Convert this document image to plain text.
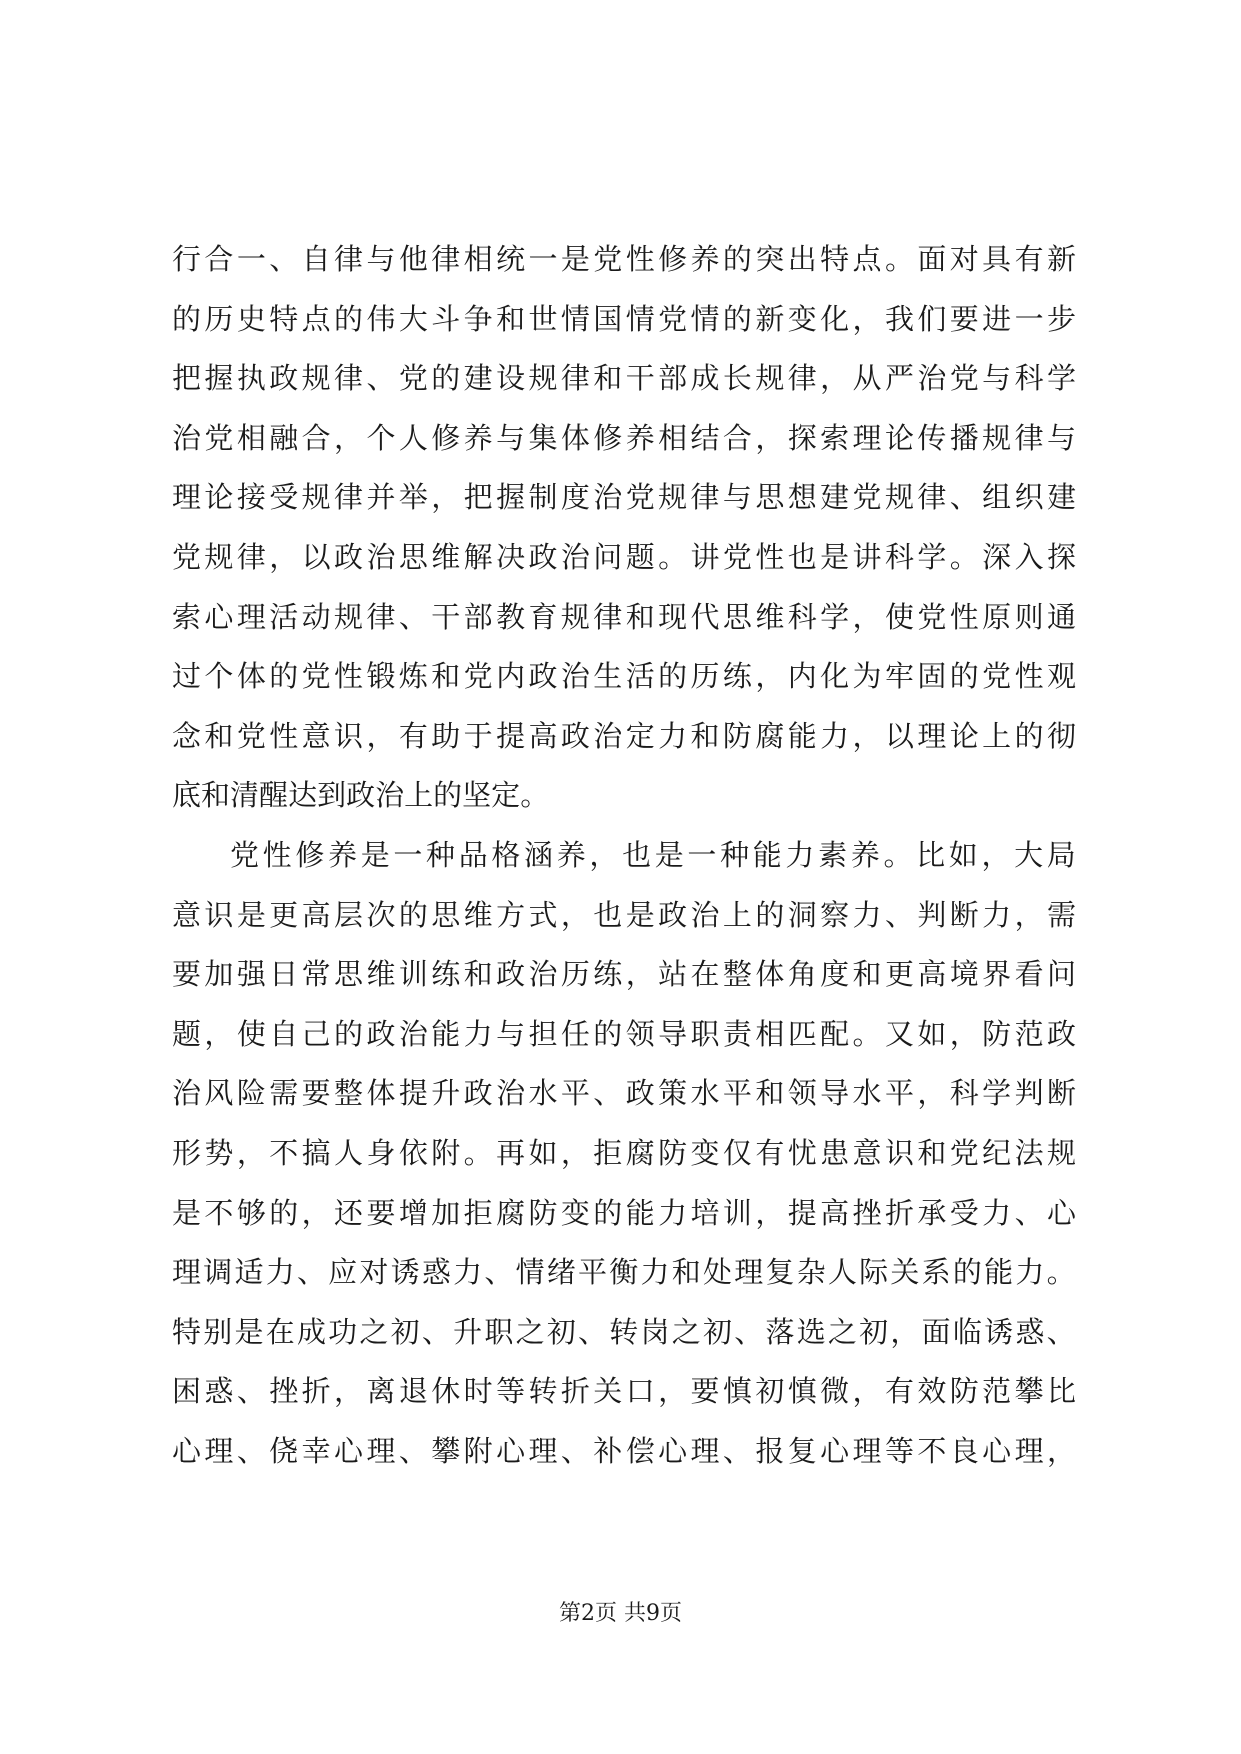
行 合 一 、 自 律 与 他 律 相 统 一 是 党 性 修 养 的 突 出 特 点 。 面 对 具 有 新
的 历 史 特 点 的 伟 大 斗 争 和 世 情 国 情 党 情 的 新 变 化 ， 我 们 要 进 一 步
把 握 执 政 规 律 、 党 的 建 设 规 律 和 干 部 成 长 规 律 ， 从 严 治 党 与 科 学
治 党 相 融 合 ， 个 人 修 养 与 集 体 修 养 相 结 合 ， 探 索 理 论 传 播 规 律 与
理 论 接 受 规 律 并 举 ， 把 握 制 度 治 党 规 律 与 思 想 建 党 规 律 、 组 织 建
党 规 律 ， 以 政 治 思 维 解 决 政 治 问 题 。 讲 党 性 也 是 讲 科 学 。 深 入 探
索 心 理 活 动 规 律 、 干 部 教 育 规 律 和 现 代 思 维 科 学 ， 使 党 性 原 则 通
过 个 体 的 党 性 锻 炼 和 党 内 政 治 生 活 的 历 练 ， 内 化 为 牢 固 的 党 性 观
念 和 党 性 意 识 ， 有 助 于 提 高 政 治 定 力 和 防 腐 能 力 ， 以 理 论 上 的 彻
底 和 清 醒 达 到 政 治 上 的 坚 定 。
党 性 修 养 是 一 种 品 格 涵 养 ， 也 是 一 种 能 力 素 养 。 比 如 ， 大 局
意 识 是 更 高 层 次 的 思 维 方 式 ， 也 是 政 治 上 的 洞 察 力 、 判 断 力 ， 需
要 加 强 日 常 思 维 训 练 和 政 治 历 练 ， 站 在 整 体 角 度 和 更 高 境 界 看 问
题 ， 使 自 己 的 政 治 能 力 与 担 任 的 领 导 职 责 相 匹 配 。 又 如 ， 防 范 政
治 风 险 需 要 整 体 提 升 政 治 水 平 、 政 策 水 平 和 领 导 水 平 ， 科 学 判 断
形 势 ， 不 搞 人 身 依 附 。 再 如 ， 拒 腐 防 变 仅 有 忧 患 意 识 和 党 纪 法 规
是 不 够 的 ， 还 要 增 加 拒 腐 防 变 的 能 力 培 训 ， 提 高 挫 折 承 受 力 、 心
理 调 适 力 、 应 对 诱 惑 力 、 情 绪 平 衡 力 和 处 理 复 杂 人 际 关 系 的 能 力 。
特 别 是 在 成 功 之 初 、 升 职 之 初 、 转 岗 之 初 、 落 选 之 初 ， 面 临 诱 惑 、
困 惑 、 挫 折 ， 离 退 休 时 等 转 折 关 口 ， 要 慎 初 慎 微 ， 有 效 防 范 攀 比
心 理 、 侥 幸 心 理 、 攀 附 心 理 、 补 偿 心 理 、 报 复 心 理 等 不 良 心 理 ，
第2页 共9页
